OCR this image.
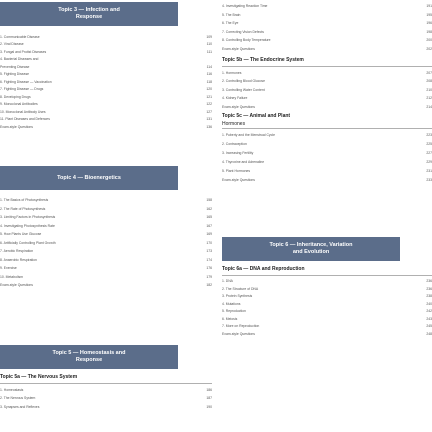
Topic 3 — Infection and
Response
1. Communicable Disease	109
2. Viral Disease	110
3. Fungal and Protist Diseases	111
4. Bacterial Diseases and
Preventing Disease	114
5. Fighting Disease	116
6. Fighting Disease — Vaccination	118
7. Fighting Disease — Drugs	120
8. Developing Drugs	121
9. Monoclonal Antibodies	122
10. Monoclonal Antibody Uses	127
11. Plant Diseases and Defences	131
Exam-style Questions	136
Topic 4 — Bioenergetics
1. The Basics of Photosynthesis	158
2. The Rate of Photosynthesis	162
3. Limiting Factors in Photosynthesis	165
4. Investigating Photosynthesis Rate	167
5. How Plants Use Glucose	169
6. Artificially Controlling Plant Growth	170
7. Aerobic Respiration	173
8. Anaerobic Respiration	174
9. Exercise	176
10. Metabolism	179
Exam-style Questions	182
Topic 5 — Homeostasis and
Response
Topic 5a — The Nervous System
1. Homeostasis	186
2. The Nervous System	187
3. Synapses and Reflexes	190
4. Investigating Reaction Time	191
5. The Brain	195
6. The Eye	196
7. Correcting Vision Defects	198
8. Controlling Body Temperature	200
Exam-style Questions	202
Topic 5b — The Endocrine System
1. Hormones	207
2. Controlling Blood Glucose	208
3. Controlling Water Content	210
4. Kidney Failure	212
Exam-style Questions	214
Topic 5c — Animal and Plant
Hormones
1. Puberty and the Menstrual Cycle	223
2. Contraception	225
3. Increasing Fertility	227
4. Thyroxine and Adrenaline	229
5. Plant Hormones	231
Exam-style Questions	233
Topic 6 — Inheritance, Variation
and Evolution
Topic 6a — DNA and Reproduction
1. DNA	236
2. The Structure of DNA	236
3. Protein Synthesis	238
4. Mutations	240
5. Reproduction	242
6. Meiosis	243
7. More on Reproduction	245
Exam-style Questions	248
